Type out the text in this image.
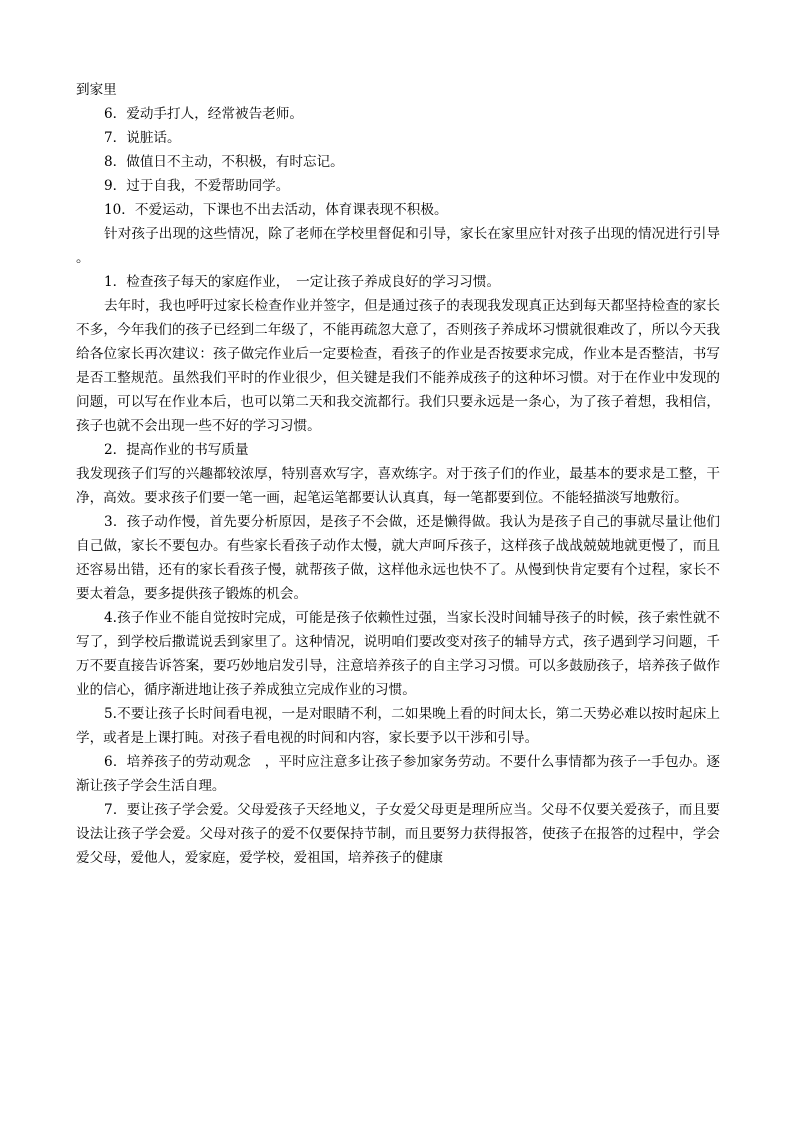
到家里

6．爱动手打人，经常被告老师。

7．说脏话。

8．做值日不主动，不积极，有时忘记。

9．过于自我，不爱帮助同学。

10．不爱运动，下课也不出去活动，体育课表现不积极。

针对孩子出现的这些情况，除了老师在学校里督促和引导，家长在家里应针对孩子出现的情况进行引导 。

1．检查孩子每天的家庭作业，　一定让孩子养成良好的学习习惯。

去年时，我也呼吁过家长检查作业并签字，但是通过孩子的表现我发现真正达到每天都坚持检查的家长不多，今年我们的孩子已经到二年级了，不能再疏忽大意了，否则孩子养成坏习惯就很难改了，所以今天我给各位家长再次建议：孩子做完作业后一定要检查，看孩子的作业是否按要求完成，作业本是否整洁，书写是否工整规范。虽然我们平时的作业很少，但关键是我们不能养成孩子的这种坏习惯。对于在作业中发现的问题，可以写在作业本后，也可以第二天和我交流都行。我们只要永远是一条心，为了孩子着想，我相信，孩子也就不会出现一些不好的学习习惯。

2．提高作业的书写质量

我发现孩子们写的兴趣都较浓厚，特别喜欢写字，喜欢练字。对于孩子们的作业，最基本的要求是工整，干净，高效。要求孩子们要一笔一画，起笔运笔都要认认真真，每一笔都要到位。不能轻描淡写地敷衍。

3．孩子动作慢，首先要分析原因，是孩子不会做，还是懒得做。我认为是孩子自己的事就尽量让他们自己做，家长不要包办。有些家长看孩子动作太慢，就大声呵斥孩子，这样孩子战战兢兢地就更慢了，而且还容易出错，还有的家长看孩子慢，就帮孩子做，这样他永远也快不了。从慢到快肯定要有个过程，家长不要太着急，要多提供孩子锻炼的机会。

4.孩子作业不能自觉按时完成，可能是孩子依赖性过强，当家长没时间辅导孩子的时候，孩子索性就不写了，到学校后撒谎说丢到家里了。这种情况，说明咱们要改变对孩子的辅导方式，孩子遇到学习问题，千万不要直接告诉答案，要巧妙地启发引导，注意培养孩子的自主学习习惯。可以多鼓励孩子，培养孩子做作业的信心，循序渐进地让孩子养成独立完成作业的习惯。

5.不要让孩子长时间看电视，一是对眼睛不利，二如果晚上看的时间太长，第二天势必难以按时起床上学，或者是上课打盹。对孩子看电视的时间和内容，家长要予以干涉和引导。

6．培养孩子的劳动观念　，平时应注意多让孩子参加家务劳动。不要什么事情都为孩子一手包办。逐渐让孩子学会生活自理。

7．要让孩子学会爱。父母爱孩子天经地义，子女爱父母更是理所应当。父母不仅要关爱孩子，而且要设法让孩子学会爱。父母对孩子的爱不仅要保持节制，而且要努力获得报答，使孩子在报答的过程中，学会爱父母，爱他人，爱家庭，爱学校，爱祖国，培养孩子的健康
